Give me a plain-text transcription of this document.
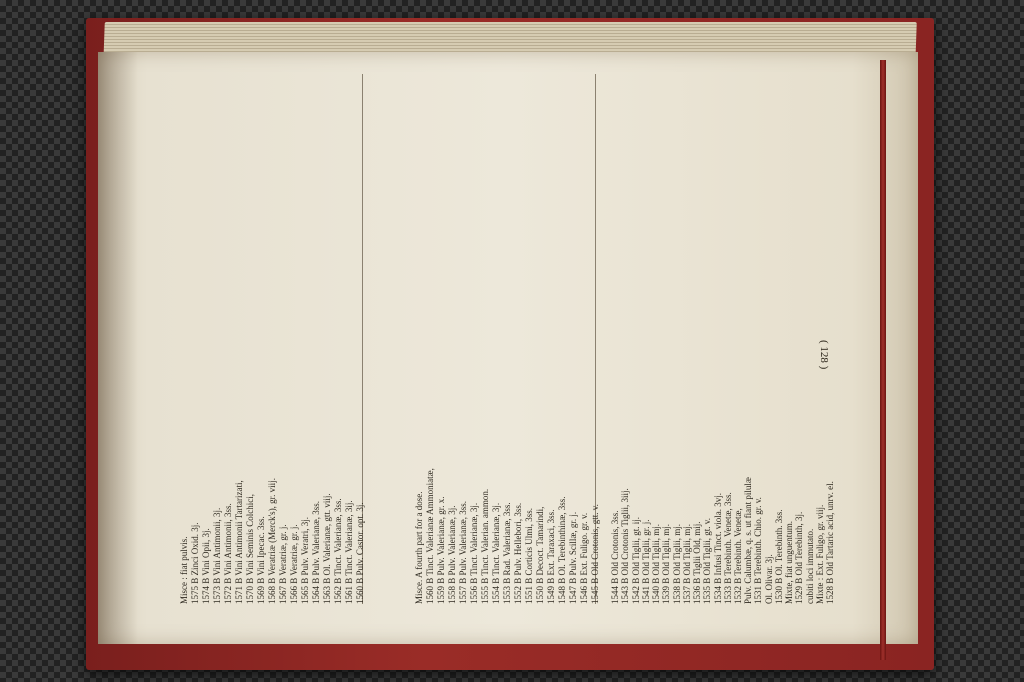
( 128 )
1528 B Old Tartaric acid, unrv. el.
Mixte : Ext. Fuligo, gr. viij.
cubiti loci immutato.
1529 B Old Terebinth, 3j.
Mixte, fiat unguentum.
1530 B Ol. Terebinth. 3ss.
Ol. Olivar. 3j.
1531 B Terebinth. Chio. gr. v.
Pulv. Calumbæ, q. s. ut fiant pilulæ
1532 B Terebinth. Venetæ,
1533 B Terebinth. Venetæ, 3ss.
1534 B Infusi Tinct. viola. 3vj.
1535 B Old Tiglii, gt. v.
1536 B Tiglii Old, mij.
1537 B Old Tiglii, mj.
1538 B Old Tiglii, mj.
1539 B Old Tiglii, mj.
1540 B Old Tiglii, mj.
1541 B Old Tiglii, gr. j.
1542 B Old Tiglii, gt. ij.
1543 B Old Crotonis Tiglii, 3iij.
1544 B Old Crotonis, 3ss.
1545 B Old Crotonis, gtt. v.
1546 B Ext. Fuligo. gr. v.
1547 B Pulv. Scillæ, gr. j.
1548 B Ol. Terebinthinæ, 3ss.
1549 B Ext. Taraxaci, 3ss.
1550 B Decoct. Tamarindi,
1551 B Corticis Ulmi, 3ss.
1552 B Pulv. Hellebori, 3ss.
1553 B Rad. Valerianæ, 3ss.
1554 B Tinct. Valerianæ, 3j.
1555 B Tinct. Valerian. ammon.
1556 B Tinct. Valerianæ, 3j.
1557 B Pulv. Valerianæ, 3ss.
1558 B Pulv. Valerianæ, 3j.
1559 B Pulv. Valerianæ, gr. x.
1560 B Tinct. Valerianæ Ammoniatæ,
Misce. A fourth part for a dose.
1560 B Pulv. Castor. opt. 3j.
1561 B Tinct. Valerianæ, 3ij.
1562 B Tinct. Valerianæ, 3ss.
1563 B Ol. Valerianæ, gtt. viij.
1564 B Pulv. Valerianæ, 3ss.
1565 B Pulv. Veratri, 3j.
1566 B Veratriæ, gr. j.
1567 B Veratriæ, gr. j.
1568 B Veratriæ (Merck's), gr. viij.
1569 B Vini Ipecac. 3ss.
1570 B Vini Seminis Colchici,
1571 B Vini Antimonii Tartarizati,
1572 B Vini Antimonii, 3ss.
1573 B Vini Antimonii, 3j.
1574 B Vini Opii, 3j.
1575 B Zinci Oxid. 3j.
Misce : fiat pulvis.
